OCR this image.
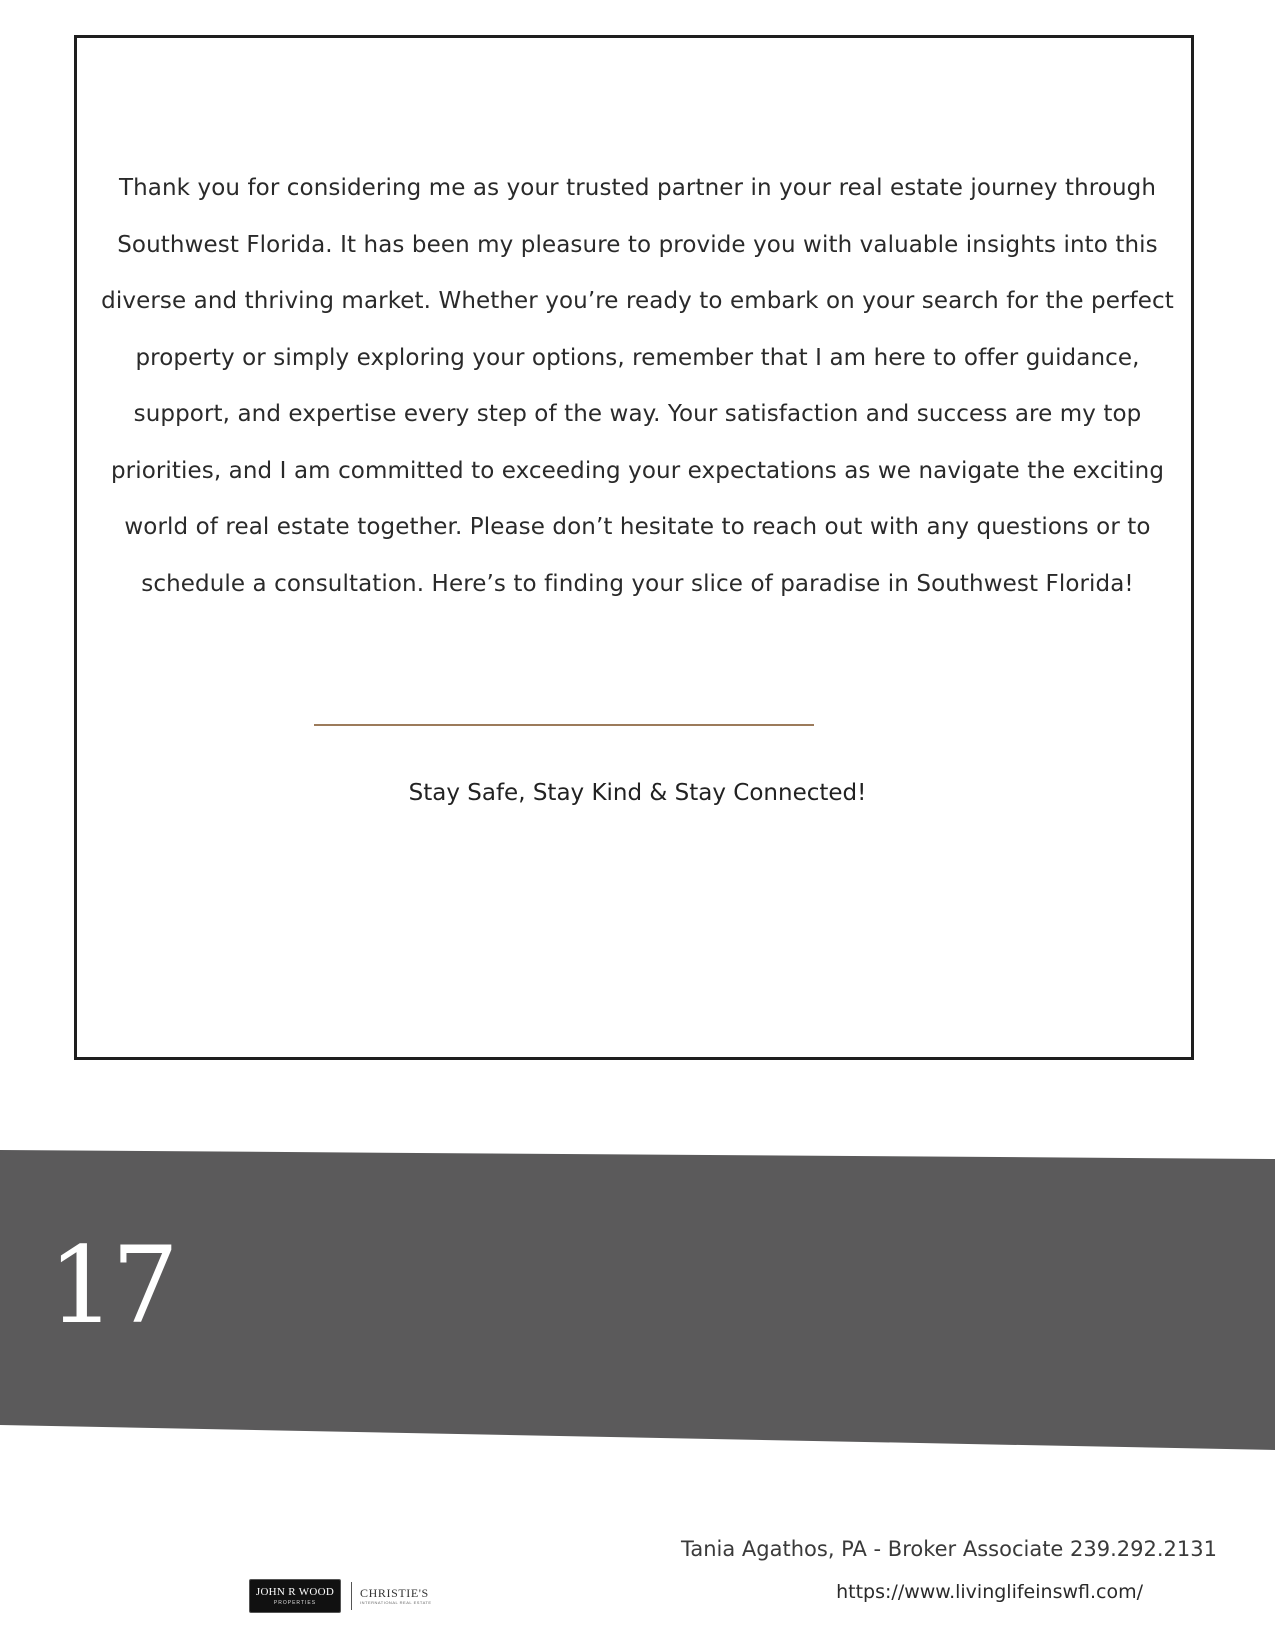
Thank you for considering me as your trusted partner in your real estate journey through Southwest Florida. It has been my pleasure to provide you with valuable insights into this diverse and thriving market. Whether you’re ready to embark on your search for the perfect property or simply exploring your options, remember that I am here to offer guidance, support, and expertise every step of the way. Your satisfaction and success are my top priorities, and I am committed to exceeding your expectations as we navigate the exciting world of real estate together. Please don’t hesitate to reach out with any questions or to schedule a consultation. Here’s to finding your slice of paradise in Southwest Florida!

Stay Safe, Stay Kind & Stay Connected!
17
Tania Agathos, PA - Broker Associate 239.292.2131
JOHN R WOOD
PROPERTIES
CHRISTIE'S
INTERNATIONAL REAL ESTATE	https://www.livinglifeinswfl.com/
